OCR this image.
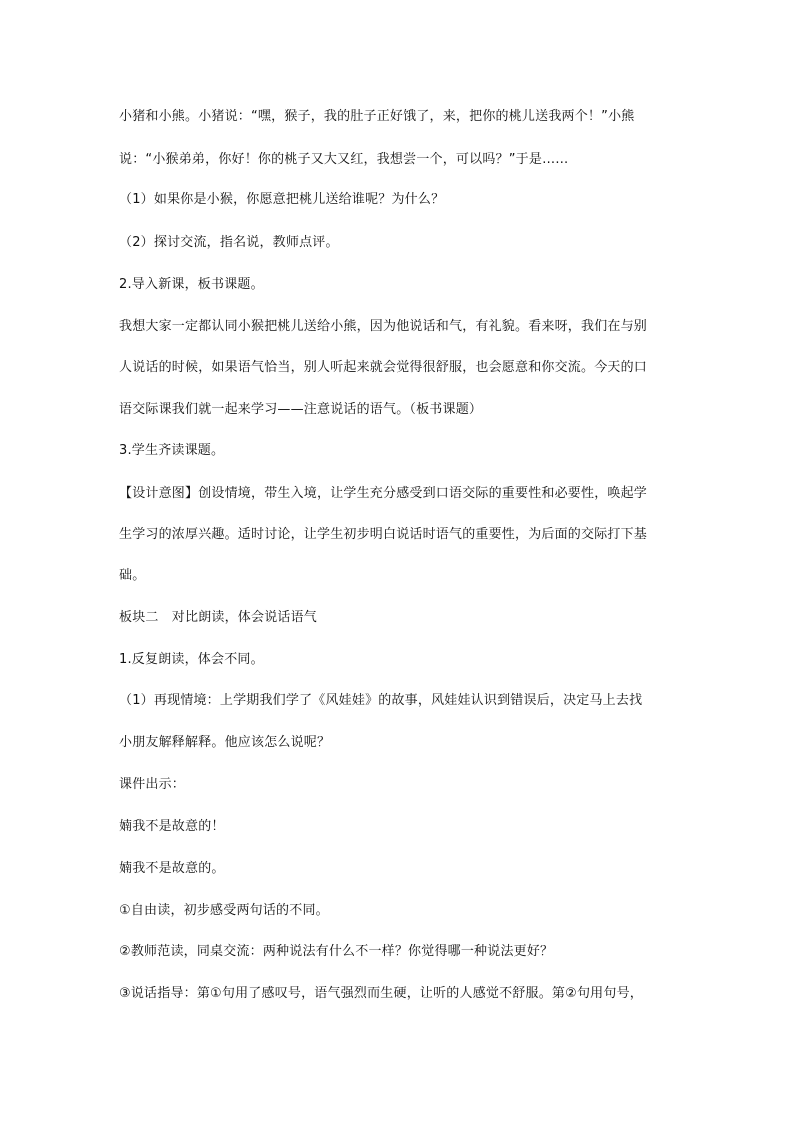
小猪和小熊。小猪说：“嘿，猴子，我的肚子正好饿了，来，把你的桃儿送我两个！”小熊
说：“小猴弟弟，你好！你的桃子又大又红，我想尝一个，可以吗？”于是……
（1）如果你是小猴，你愿意把桃儿送给谁呢？为什么？
（2）探讨交流，指名说，教师点评。
2.导入新课，板书课题。
我想大家一定都认同小猴把桃儿送给小熊，因为他说话和气，有礼貌。看来呀，我们在与别
人说话的时候，如果语气恰当，别人听起来就会觉得很舒服，也会愿意和你交流。今天的口
语交际课我们就一起来学习——注意说话的语气。（板书课题）
3.学生齐读课题。
【设计意图】创设情境，带生入境，让学生充分感受到口语交际的重要性和必要性，唤起学
生学习的浓厚兴趣。适时讨论，让学生初步明白说话时语气的重要性，为后面的交际打下基
础。
板块二　对比朗读，体会说话语气
1.反复朗读，体会不同。
（1）再现情境：上学期我们学了《风娃娃》的故事，风娃娃认识到错误后，决定马上去找
小朋友解释解释。他应该怎么说呢？
课件出示：
婻我不是故意的！
婻我不是故意的。
①自由读，初步感受两句话的不同。
②教师范读，同桌交流：两种说法有什么不一样？你觉得哪一种说法更好？
③说话指导：第①句用了感叹号，语气强烈而生硬，让听的人感觉不舒服。第②句用句号，
